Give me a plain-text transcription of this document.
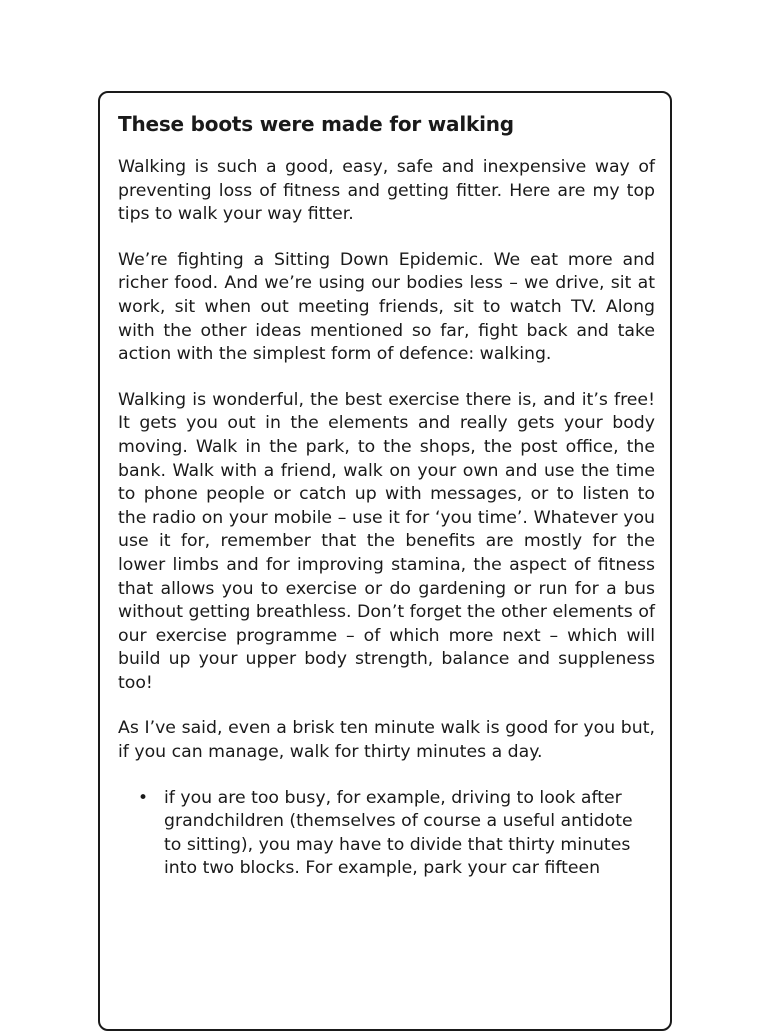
These boots were made for walking

Walking is such a good, easy, safe and inexpensive way of preventing loss of fitness and getting fitter. Here are my top tips to walk your way fitter.

We’re fighting a Sitting Down Epidemic. We eat more and richer food. And we’re using our bodies less – we drive, sit at work, sit when out meeting friends, sit to watch TV. Along with the other ideas mentioned so far, fight back and take action with the simplest form of defence: walking.

Walking is wonderful, the best exercise there is, and it’s free! It gets you out in the elements and really gets your body moving. Walk in the park, to the shops, the post office, the bank. Walk with a friend, walk on your own and use the time to phone people or catch up with messages, or to listen to the radio on your mobile – use it for ‘you time’. Whatever you use it for, remember that the benefits are mostly for the lower limbs and for improving stamina, the aspect of fitness that allows you to exercise or do gardening or run for a bus without getting breathless. Don’t forget the other elements of our exercise programme – of which more next – which will build up your upper body strength, balance and suppleness too!

As I’ve said, even a brisk ten minute walk is good for you but, if you can manage, walk for thirty minutes a day.

• if you are too busy, for example, driving to look after grandchildren (themselves of course a useful antidote to sitting), you may have to divide that thirty minutes into two blocks. For example, park your car fifteen
